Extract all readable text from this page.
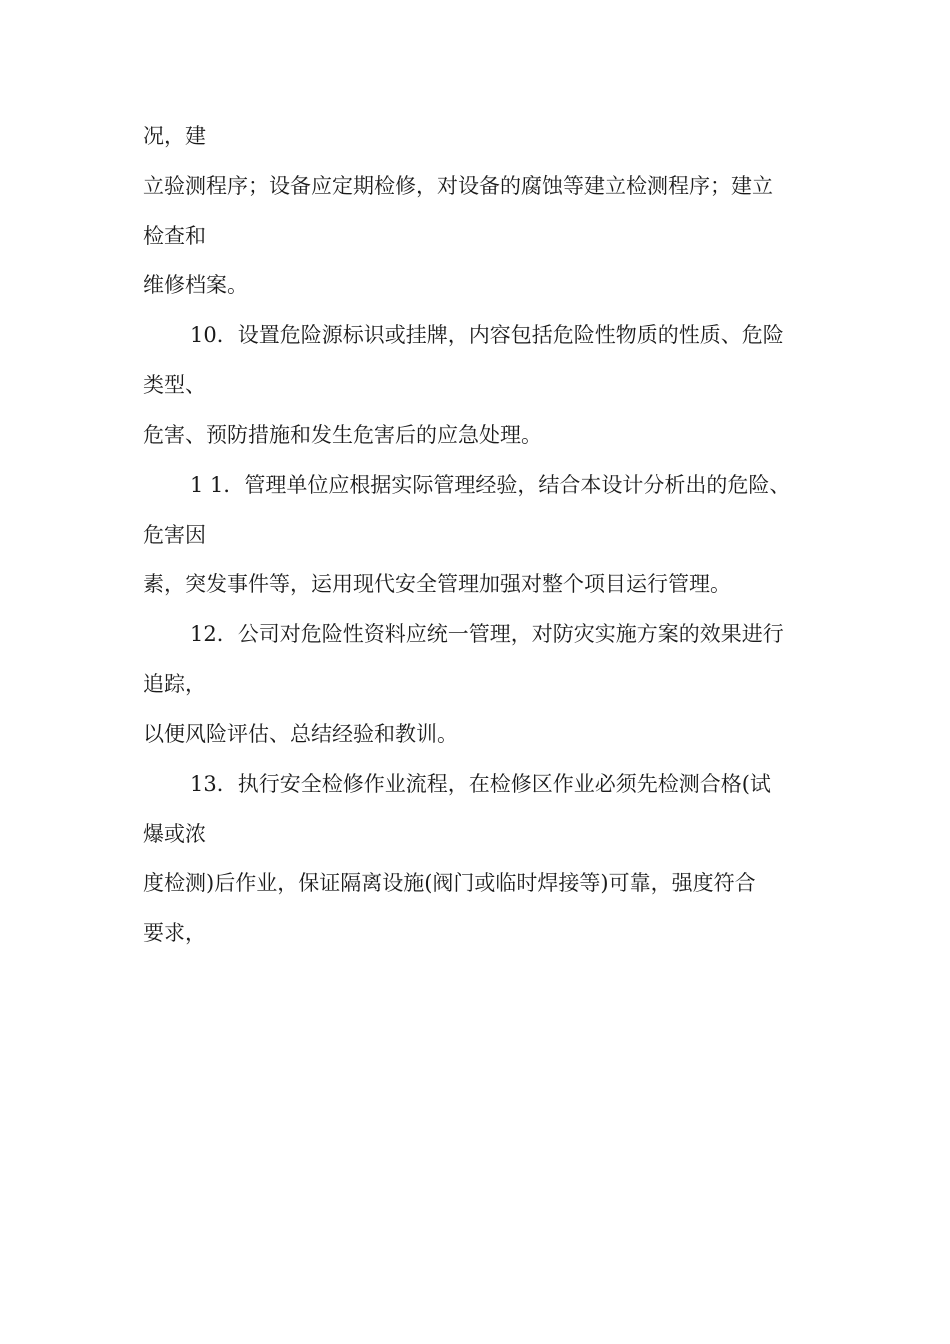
况，建
立验测程序；设备应定期检修，对设备的腐蚀等建立检测程序；建立
检查和
维修档案。
10．设置危险源标识或挂牌，内容包括危险性物质的性质、危险
类型、
危害、预防措施和发生危害后的应急处理。
1 1．管理单位应根据实际管理经验，结合本设计分析出的危险、
危害因
素，突发事件等，运用现代安全管理加强对整个项目运行管理。
12．公司对危险性资料应统一管理，对防灾实施方案的效果进行
追踪，
以便风险评估、总结经验和教训。
13．执行安全检修作业流程，在检修区作业必须先检测合格(试
爆或浓
度检测)后作业，保证隔离设施(阀门或临时焊接等)可靠，强度符合
要求，
